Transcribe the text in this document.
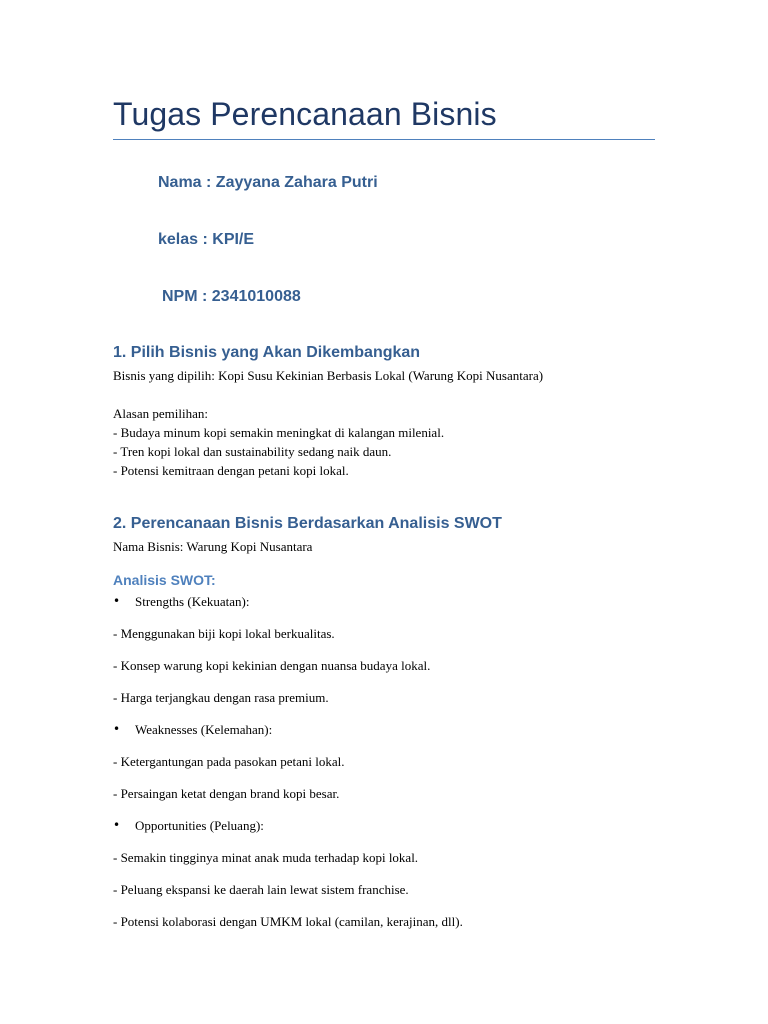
Tugas Perencanaan Bisnis
Nama : Zayyana Zahara Putri
kelas : KPI/E
NPM : 2341010088
1. Pilih Bisnis yang Akan Dikembangkan
Bisnis yang dipilih: Kopi Susu Kekinian Berbasis Lokal (Warung Kopi Nusantara)
Alasan pemilihan:
- Budaya minum kopi semakin meningkat di kalangan milenial.
- Tren kopi lokal dan sustainability sedang naik daun.
- Potensi kemitraan dengan petani kopi lokal.
2. Perencanaan Bisnis Berdasarkan Analisis SWOT
Nama Bisnis: Warung Kopi Nusantara
Analisis SWOT:
• Strengths (Kekuatan):
- Menggunakan biji kopi lokal berkualitas.
- Konsep warung kopi kekinian dengan nuansa budaya lokal.
- Harga terjangkau dengan rasa premium.
• Weaknesses (Kelemahan):
- Ketergantungan pada pasokan petani lokal.
- Persaingan ketat dengan brand kopi besar.
• Opportunities (Peluang):
- Semakin tingginya minat anak muda terhadap kopi lokal.
- Peluang ekspansi ke daerah lain lewat sistem franchise.
- Potensi kolaborasi dengan UMKM lokal (camilan, kerajinan, dll).
